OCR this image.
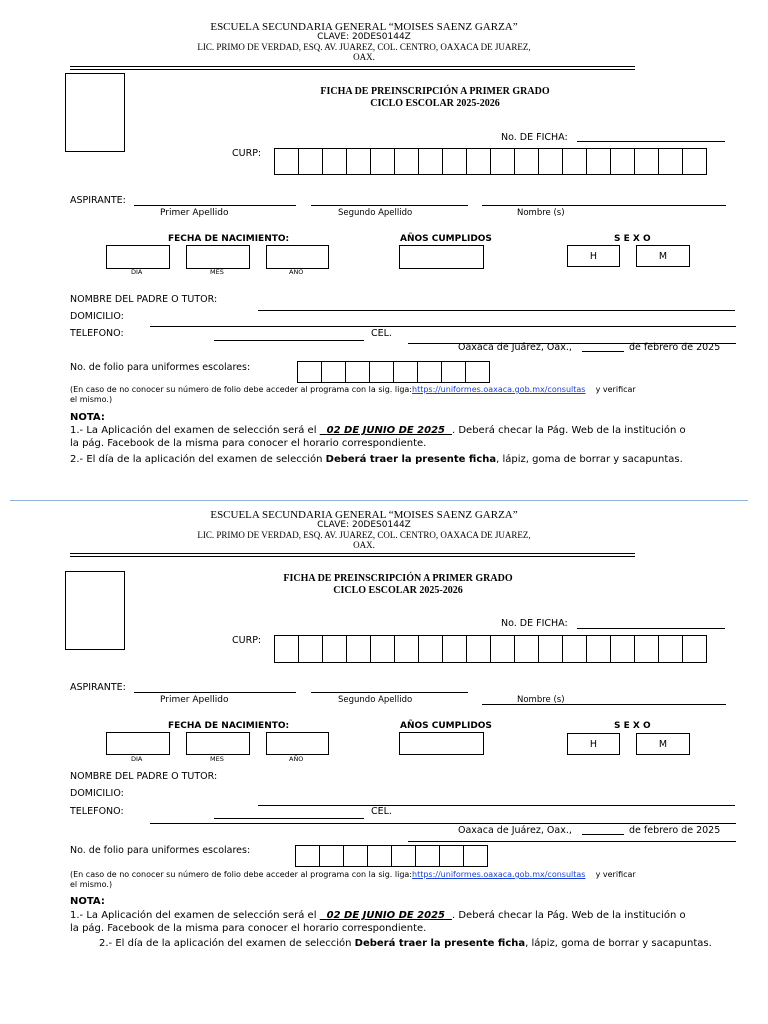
ESCUELA SECUNDARIA GENERAL “MOISES SAENZ GARZA”
CLAVE: 20DES0144Z
LIC. PRIMO DE VERDAD, ESQ. AV. JUAREZ, COL. CENTRO, OAXACA DE JUAREZ,
OAX.
FICHA DE PREINSCRIPCIÓN A PRIMER GRADO
CICLO ESCOLAR 2025-2026
No. DE FICHA:
CURP:
ASPIRANTE:
Primer Apellido	Segundo Apellido	Nombre (s)
FECHA DE NACIMIENTO:	AÑOS CUMPLIDOS	S E X O
DIA	MES	AÑO
H	M
NOMBRE DEL PADRE O TUTOR:
DOMICILIO:
TELEFONO:	CEL.
Oaxaca de Juárez, Oax.,	de febrero de 2025
No. de folio para uniformes escolares:
(En caso de no conocer su número de folio debe acceder al programa con la sig. liga:https://uniformes.oaxaca.gob.mx/consultas y verificar
el mismo.)
NOTA:
1.- La Aplicación del examen de selección será el 02 DE JUNIO DE 2025 . Deberá checar la Pág. Web de la institución o
la pág. Facebook de la misma para conocer el horario correspondiente.
2.- El día de la aplicación del examen de selección Deberá traer la presente ficha, lápiz, goma de borrar y sacapuntas.
ESCUELA SECUNDARIA GENERAL “MOISES SAENZ GARZA”
CLAVE: 20DES0144Z
LIC. PRIMO DE VERDAD, ESQ. AV. JUAREZ, COL. CENTRO, OAXACA DE JUAREZ,
OAX.
FICHA DE PREINSCRIPCIÓN A PRIMER GRADO
CICLO ESCOLAR 2025-2026
No. DE FICHA:
CURP:
ASPIRANTE:
Primer Apellido	Segundo Apellido	Nombre (s)
FECHA DE NACIMIENTO:	AÑOS CUMPLIDOS	S E X O
DIA	MES	AÑO
H	M
NOMBRE DEL PADRE O TUTOR:
DOMICILIO:
TELEFONO:	CEL.
Oaxaca de Juárez, Oax.,	de febrero de 2025
No. de folio para uniformes escolares:
(En caso de no conocer su número de folio debe acceder al programa con la sig. liga:https://uniformes.oaxaca.gob.mx/consultas y verificar
el mismo.)
NOTA:
1.- La Aplicación del examen de selección será el 02 DE JUNIO DE 2025 . Deberá checar la Pág. Web de la institución o
la pág. Facebook de la misma para conocer el horario correspondiente.
2.- El día de la aplicación del examen de selección Deberá traer la presente ficha, lápiz, goma de borrar y sacapuntas.
